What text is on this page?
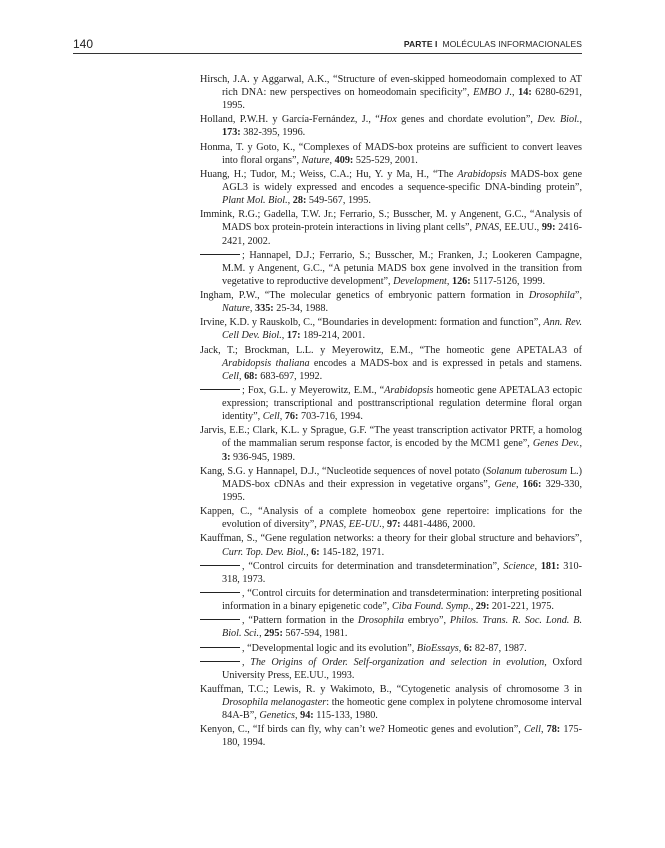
140	PARTE I MOLÉCULAS INFORMACIONALES

Hirsch, J.A. y Aggarwal, A.K., “Structure of even-skipped homeodomain complexed to AT rich DNA: new perspectives on homeodomain specificity”, EMBO J., 14: 6280-6291, 1995.

Holland, P.W.H. y García-Fernández, J., “Hox genes and chordate evolution”, Dev. Biol., 173: 382-395, 1996.

Honma, T. y Goto, K., “Complexes of MADS-box proteins are sufficient to convert leaves into floral organs”, Nature, 409: 525-529, 2001.

Huang, H.; Tudor, M.; Weiss, C.A.; Hu, Y. y Ma, H., “The Arabidopsis MADS-box gene AGL3 is widely expressed and encodes a sequence-specific DNA-binding protein”, Plant Mol. Biol., 28: 549-567, 1995.

Immink, R.G.; Gadella, T.W. Jr.; Ferrario, S.; Busscher, M. y Angenent, G.C., “Analysis of MADS box protein-protein interactions in living plant cells”, PNAS, EE.UU., 99: 2416-2421, 2002.

; Hannapel, D.J.; Ferrario, S.; Busscher, M.; Franken, J.; Lookeren Campagne, M.M. y Angenent, G.C., “A petunia MADS box gene involved in the transition from vegetative to reproductive development”, Development, 126: 5117-5126, 1999.

Ingham, P.W., “The molecular genetics of embryonic pattern formation in Drosophila”, Nature, 335: 25-34, 1988.

Irvine, K.D. y Rauskolb, C., “Boundaries in development: formation and function”, Ann. Rev. Cell Dev. Biol., 17: 189-214, 2001.

Jack, T.; Brockman, L.L. y Meyerowitz, E.M., “The homeotic gene APETALA3 of Arabidopsis thaliana encodes a MADS-box and is expressed in petals and stamens. Cell, 68: 683-697, 1992.

; Fox, G.L. y Meyerowitz, E.M., “Arabidopsis homeotic gene APETALA3 ectopic expression; transcriptional and posttranscriptional regulation determine floral organ identity”, Cell, 76: 703-716, 1994.

Jarvis, E.E.; Clark, K.L. y Sprague, G.F. “The yeast transcription activator PRTF, a homolog of the mammalian serum response factor, is encoded by the MCM1 gene”, Genes Dev., 3: 936-945, 1989.

Kang, S.G. y Hannapel, D.J., “Nucleotide sequences of novel potato (Solanum tuberosum L.) MADS-box cDNAs and their expression in vegetative organs”, Gene, 166: 329-330, 1995.

Kappen, C., “Analysis of a complete homeobox gene repertoire: implications for the evolution of diversity”, PNAS, EE-UU., 97: 4481-4486, 2000.

Kauffman, S., “Gene regulation networks: a theory for their global structure and behaviors”, Curr. Top. Dev. Biol., 6: 145-182, 1971.

, “Control circuits for determination and transdetermination”, Science, 181: 310-318, 1973.

, “Control circuits for determination and transdetermination: interpreting positional information in a binary epigenetic code”, Ciba Found. Symp., 29: 201-221, 1975.

, “Pattern formation in the Drosophila embryo”, Philos. Trans. R. Soc. Lond. B. Biol. Sci., 295: 567-594, 1981.

, “Developmental logic and its evolution”, BioEssays, 6: 82-87, 1987.

, The Origins of Order. Self-organization and selection in evolution, Oxford University Press, EE.UU., 1993.

Kauffman, T.C.; Lewis, R. y Wakimoto, B., “Cytogenetic analysis of chromosome 3 in Drosophila melanogaster: the homeotic gene complex in polytene chromosome interval 84A-B”, Genetics, 94: 115-133, 1980.

Kenyon, C., “If birds can fly, why can’t we? Homeotic genes and evolution”, Cell, 78: 175-180, 1994.
